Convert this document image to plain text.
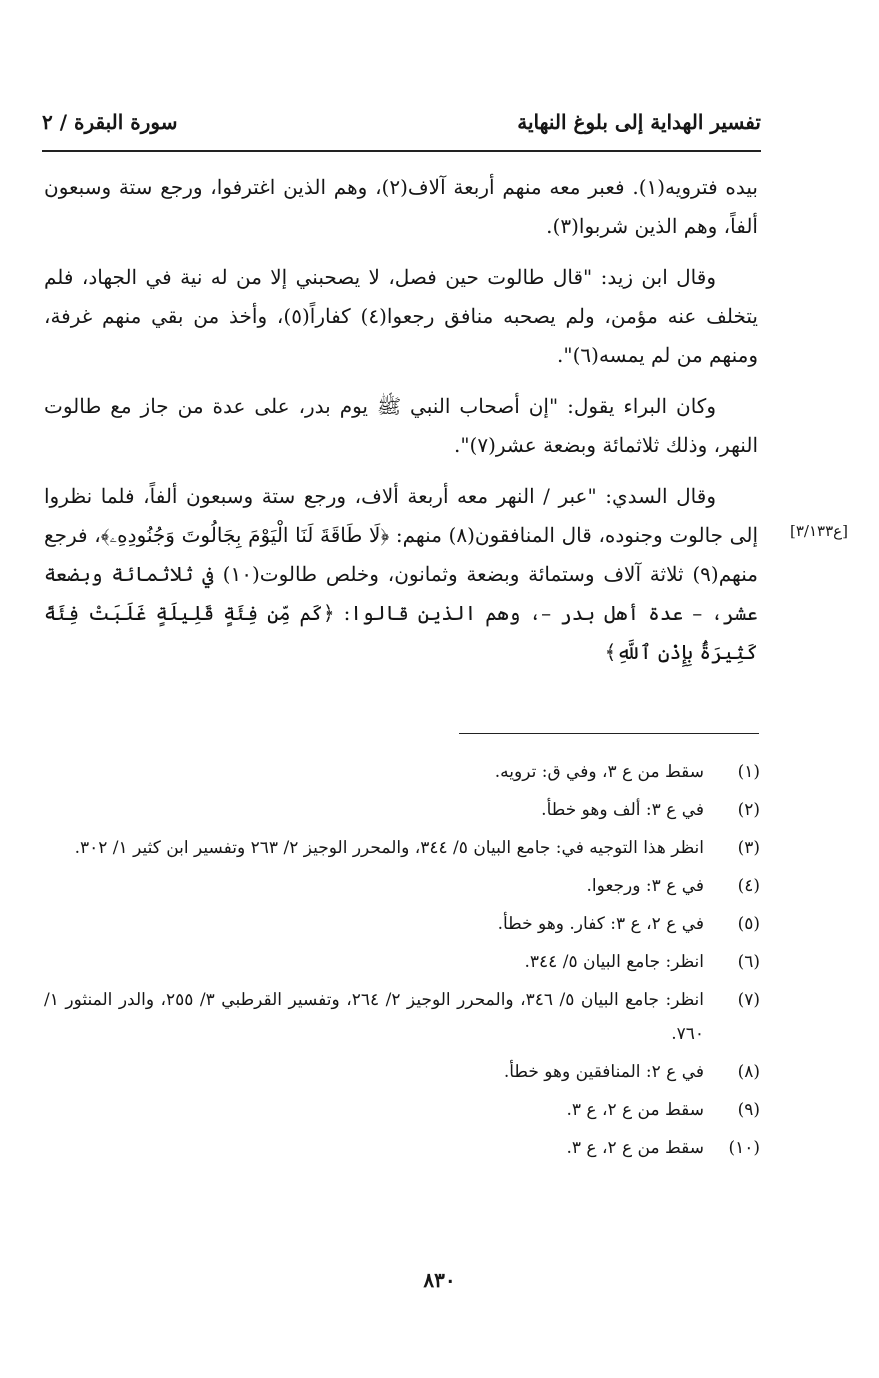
تفسير الهداية إلى بلوغ النهاية
سورة البقرة / ٢
[ع٣/١٣٣]

بيده فترويه(١). فعبر معه منهم أربعة آلاف(٢)، وهم الذين اغترفوا، ورجع ستة وسبعون ألفاً، وهم الذين شربوا(٣).

وقال ابن زيد: "قال طالوت حين فصل، لا يصحبني إلا من له نية في الجهاد، فلم يتخلف عنه مؤمن، ولم يصحبه منافق رجعوا(٤) كفاراً(٥)، وأخذ من بقي منهم غرفة، ومنهم من لم يمسه(٦)".

وكان البراء يقول: "إن أصحاب النبي ﷺ يوم بدر، على عدة من جاز مع طالوت النهر، وذلك ثلاثمائة وبضعة عشر(٧)".

وقال السدي: "عبر / النهر معه أربعة ألاف، ورجع ستة وسبعون ألفاً، فلما نظروا إلى جالوت وجنوده، قال المنافقون(٨) منهم: ﴿لَا طَاقَةَ لَنَا الْيَوْمَ بِجَالُوتَ وَجُنُودِهِۦ﴾، فرجع منهم(٩) ثلاثة آلاف وستمائة وبضعة وثمانون، وخلص طالوت(١٠) في ثلاثمائة وبضعة عشر، – عدة أهل بدر –، وهم الذين قالوا: ﴿كَم مِّن فِئَةٍ قَلِيلَةٍ غَلَبَتْ فِئَةً كَثِيرَةًۢ بِإِذْنِ ٱللَّهِ﴾

(١)
سقط من ع ٣، وفي ق: ترويه.
(٢)
في ع ٣: ألف وهو خطأ.
(٣)
انظر هذا التوجيه في: جامع البيان ٥/ ٣٤٤، والمحرر الوجيز ٢/ ٢٦٣ وتفسير ابن كثير ١/ ٣٠٢.
(٤)
في ع ٣: ورجعوا.
(٥)
في ع ٢، ع ٣: كفار. وهو خطأ.
(٦)
انظر: جامع البيان ٥/ ٣٤٤.
(٧)
انظر: جامع البيان ٥/ ٣٤٦، والمحرر الوجيز ٢/ ٢٦٤، وتفسير القرطبي ٣/ ٢٥٥، والدر المنثور ١/ ٧٦٠.
(٨)
في ع ٢: المنافقين وهو خطأ.
(٩)
سقط من ع ٢، ع ٣.
(١٠)
سقط من ع ٢، ع ٣.
٨٣٠
